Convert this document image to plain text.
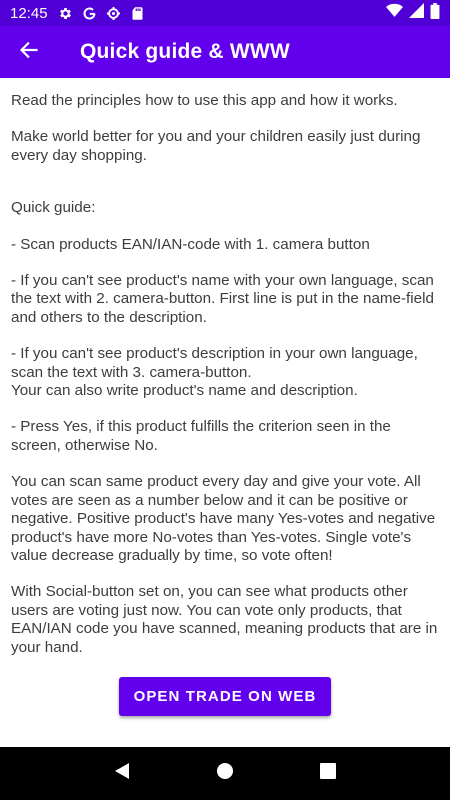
12:45
Quick guide & WWW

Read the principles how to use this app and how it works.

Make world better for you and your children easily just during every day shopping.

Quick guide:

- Scan products EAN/IAN-code with 1. camera button

- If you can't see product's name with your own language, scan the text with 2. camera-button. First line is put in the name-field and others to the description.

- If you can't see product's description in your own language, scan the text with 3. camera-button.
Your can also write product's name and description.

- Press Yes, if this product fulfills the criterion seen in the screen, otherwise No.

You can scan same product every day and give your vote. All votes are seen as a number below and it can be positive or negative. Positive product's have many Yes-votes and negative product's have more No-votes than Yes-votes. Single vote's value decrease gradually by time, so vote often!

With Social-button set on, you can see what products other users are voting just now. You can vote only products, that EAN/IAN code you have scanned, meaning products that are in your hand.

OPEN TRADE ON WEB
